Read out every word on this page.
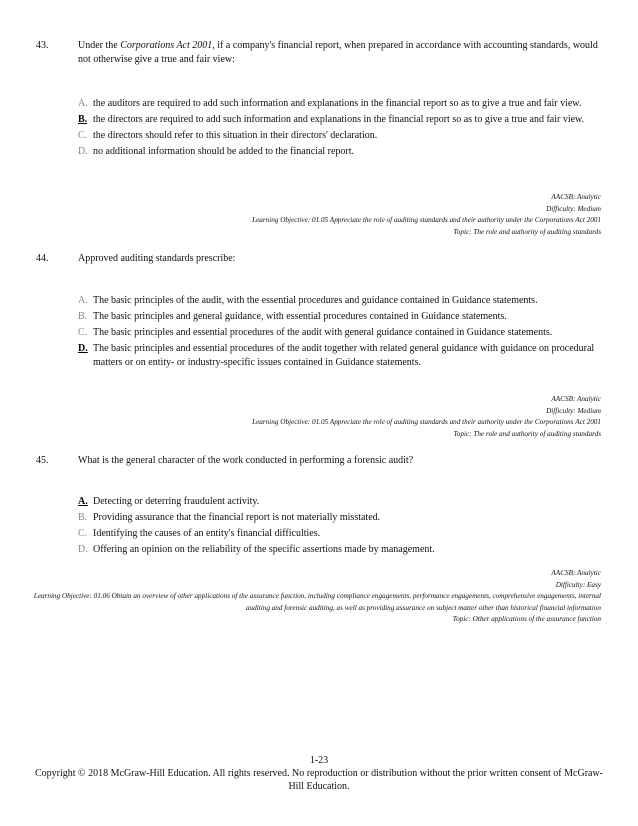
43.	Under the Corporations Act 2001, if a company's financial report, when prepared in accordance with accounting standards, would not otherwise give a true and fair view:
A. the auditors are required to add such information and explanations in the financial report so as to give a true and fair view.
B. the directors are required to add such information and explanations in the financial report so as to give a true and fair view.
C. the directors should refer to this situation in their directors' declaration.
D. no additional information should be added to the financial report.
AACSB: Analytic
Difficulty: Medium
Learning Objective: 01.05 Appreciate the role of auditing standards and their authority under the Corporations Act 2001
Topic: The role and authority of auditing standards
44.	Approved auditing standards prescribe:
A. The basic principles of the audit, with the essential procedures and guidance contained in Guidance statements.
B. The basic principles and general guidance, with essential procedures contained in Guidance statements.
C. The basic principles and essential procedures of the audit with general guidance contained in Guidance statements.
D. The basic principles and essential procedures of the audit together with related general guidance with guidance on procedural matters or on entity- or industry-specific issues contained in Guidance statements.
AACSB: Analytic
Difficulty: Medium
Learning Objective: 01.05 Appreciate the role of auditing standards and their authority under the Corporations Act 2001
Topic: The role and authority of auditing standards
45.	What is the general character of the work conducted in performing a forensic audit?
A. Detecting or deterring fraudulent activity.
B. Providing assurance that the financial report is not materially misstated.
C. Identifying the causes of an entity's financial difficulties.
D. Offering an opinion on the reliability of the specific assertions made by management.
AACSB: Analytic
Difficulty: Easy
Learning Objective: 01.06 Obtain an overview of other applications of the assurance function, including compliance engagements, performance engagements, comprehensive engagements, internal auditing and forensic auditing, as well as providing assurance on subject matter other than historical financial information
Topic: Other applications of the assurance function
1-23
Copyright © 2018 McGraw-Hill Education. All rights reserved. No reproduction or distribution without the prior written consent of McGraw-Hill Education.
